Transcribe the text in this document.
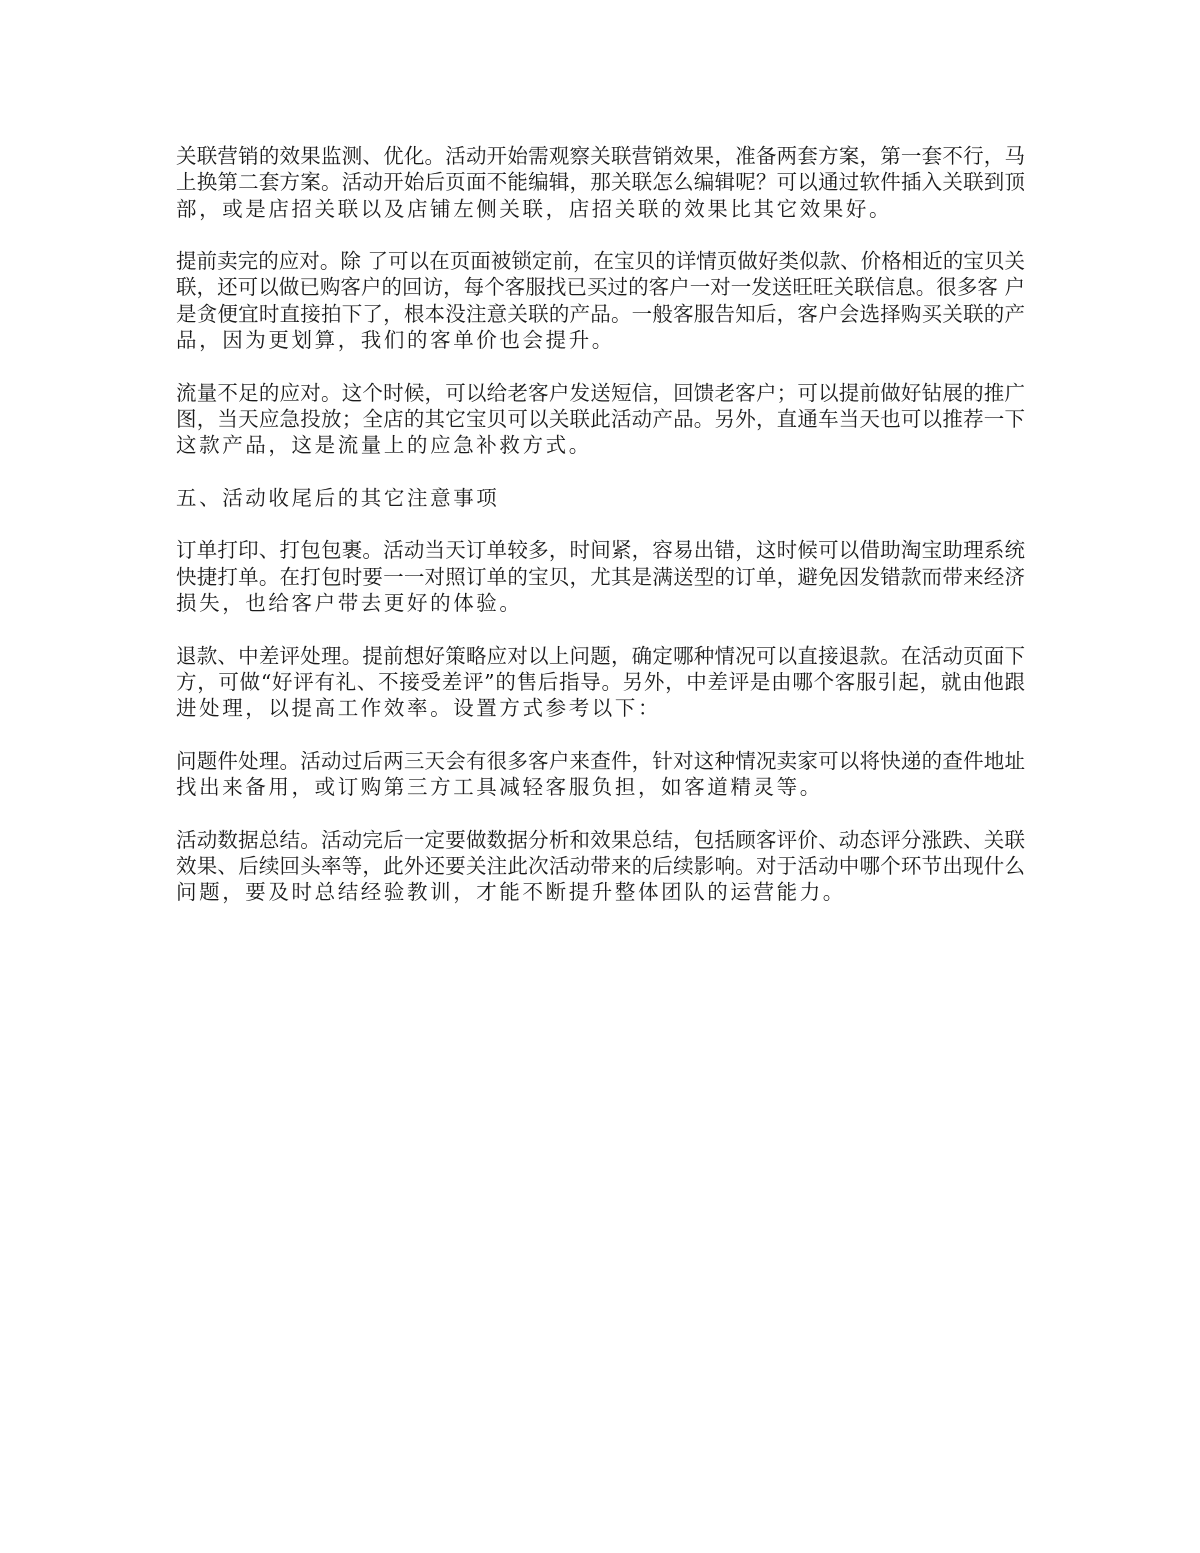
关联营销的效果监测、优化。活动开始需观察关联营销效果，准备两套方案，第一套不行，马
上换第二套方案。活动开始后页面不能编辑，那关联怎么编辑呢？可以通过软件插入关联到顶
部，或是店招关联以及店铺左侧关联，店招关联的效果比其它效果好。
提前卖完的应对。除 了可以在页面被锁定前，在宝贝的详情页做好类似款、价格相近的宝贝关
联，还可以做已购客户的回访，每个客服找已买过的客户一对一发送旺旺关联信息。很多客 户
是贪便宜时直接拍下了，根本没注意关联的产品。一般客服告知后，客户会选择购买关联的产
品，因为更划算，我们的客单价也会提升。
流量不足的应对。这个时候，可以给老客户发送短信，回馈老客户；可以提前做好钻展的推广
图，当天应急投放；全店的其它宝贝可以关联此活动产品。另外，直通车当天也可以推荐一下
这款产品，这是流量上的应急补救方式。
五、活动收尾后的其它注意事项
订单打印、打包包裹。活动当天订单较多，时间紧，容易出错，这时候可以借助淘宝助理系统
快捷打单。在打包时要一一对照订单的宝贝，尤其是满送型的订单，避免因发错款而带来经济
损失，也给客户带去更好的体验。
退款、中差评处理。提前想好策略应对以上问题，确定哪种情况可以直接退款。在活动页面下
方，可做“好评有礼、不接受差评”的售后指导。另外，中差评是由哪个客服引起，就由他跟
进处理，以提高工作效率。设置方式参考以下：
问题件处理。活动过后两三天会有很多客户来查件，针对这种情况卖家可以将快递的查件地址
找出来备用，或订购第三方工具减轻客服负担，如客道精灵等。
活动数据总结。活动完后一定要做数据分析和效果总结，包括顾客评价、动态评分涨跌、关联
效果、后续回头率等，此外还要关注此次活动带来的后续影响。对于活动中哪个环节出现什么
问题，要及时总结经验教训，才能不断提升整体团队的运营能力。
